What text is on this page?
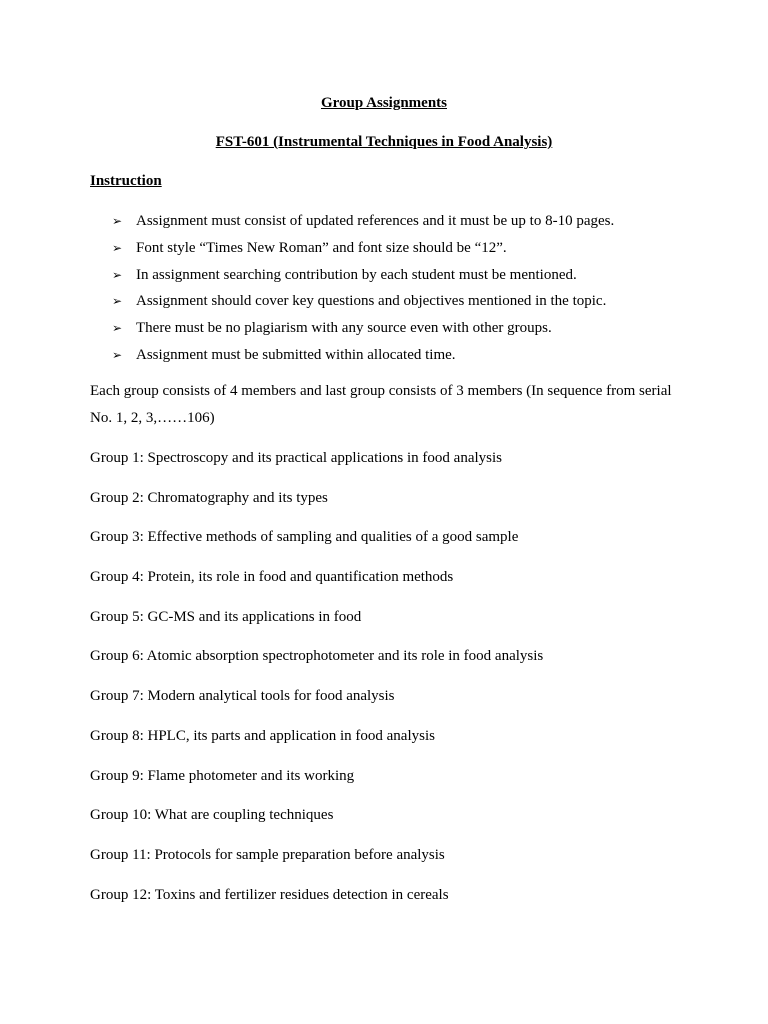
Group Assignments
FST-601 (Instrumental Techniques in Food Analysis)
Instruction
➢ Assignment must consist of updated references and it must be up to 8-10 pages.
➢ Font style “Times New Roman” and font size should be “12”.
➢ In assignment searching contribution by each student must be mentioned.
➢ Assignment should cover key questions and objectives mentioned in the topic.
➢ There must be no plagiarism with any source even with other groups.
➢ Assignment must be submitted within allocated time.
Each group consists of 4 members and last group consists of 3 members (In sequence from serial No. 1, 2, 3,……106)
Group 1: Spectroscopy and its practical applications in food analysis
Group 2: Chromatography and its types
Group 3: Effective methods of sampling and qualities of a good sample
Group 4: Protein, its role in food and quantification methods
Group 5: GC-MS and its applications in food
Group 6: Atomic absorption spectrophotometer and its role in food analysis
Group 7: Modern analytical tools for food analysis
Group 8: HPLC, its parts and application in food analysis
Group 9: Flame photometer and its working
Group 10: What are coupling techniques
Group 11: Protocols for sample preparation before analysis
Group 12: Toxins and fertilizer residues detection in cereals
